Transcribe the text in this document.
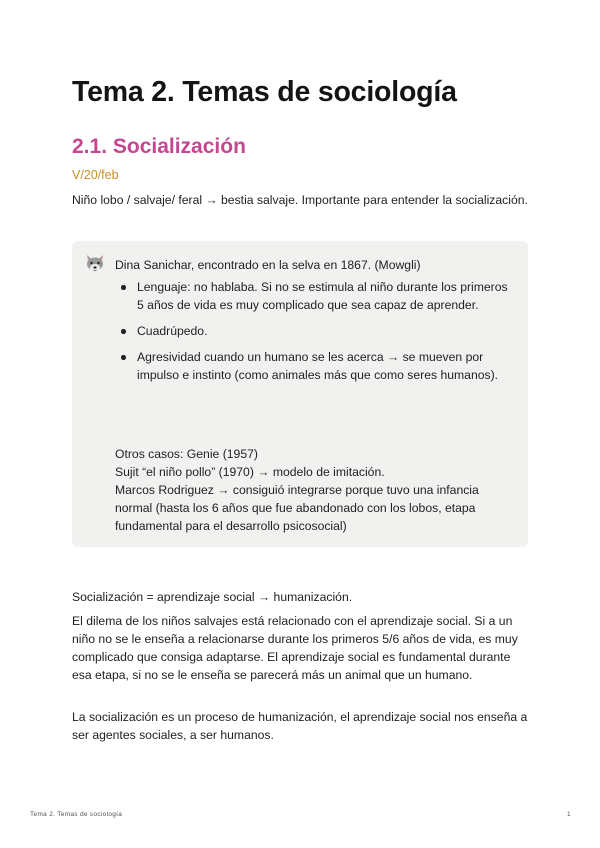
Tema 2. Temas de sociología
2.1. Socialización
V/20/feb

Niño lobo / salvaje/ feral → bestia salvaje. Importante para entender la socialización.

Dina Sanichar, encontrado en la selva en 1867. (Mowgli)
Lenguaje: no hablaba. Si no se estimula al niño durante los primeros 5 años de vida es muy complicado que sea capaz de aprender.
Cuadrúpedo.
Agresividad cuando un humano se les acerca → se mueven por impulso e instinto (como animales más que como seres humanos).
Otros casos: Genie (1957)
Sujit “el niño pollo” (1970) → modelo de imitación.
Marcos Rodriguez → consiguió integrarse porque tuvo una infancia normal (hasta los 6 años que fue abandonado con los lobos, etapa fundamental para el desarrollo psicosocial)

Socialización = aprendizaje social → humanización.

El dilema de los niños salvajes está relacionado con el aprendizaje social. Si a un niño no se le enseña a relacionarse durante los primeros 5/6 años de vida, es muy complicado que consiga adaptarse. El aprendizaje social es fundamental durante esa etapa, si no se le enseña se parecerá más un animal que un humano.

La socialización es un proceso de humanización, el aprendizaje social nos enseña a ser agentes sociales, a ser humanos.

Tema 2. Temas de sociología	1
